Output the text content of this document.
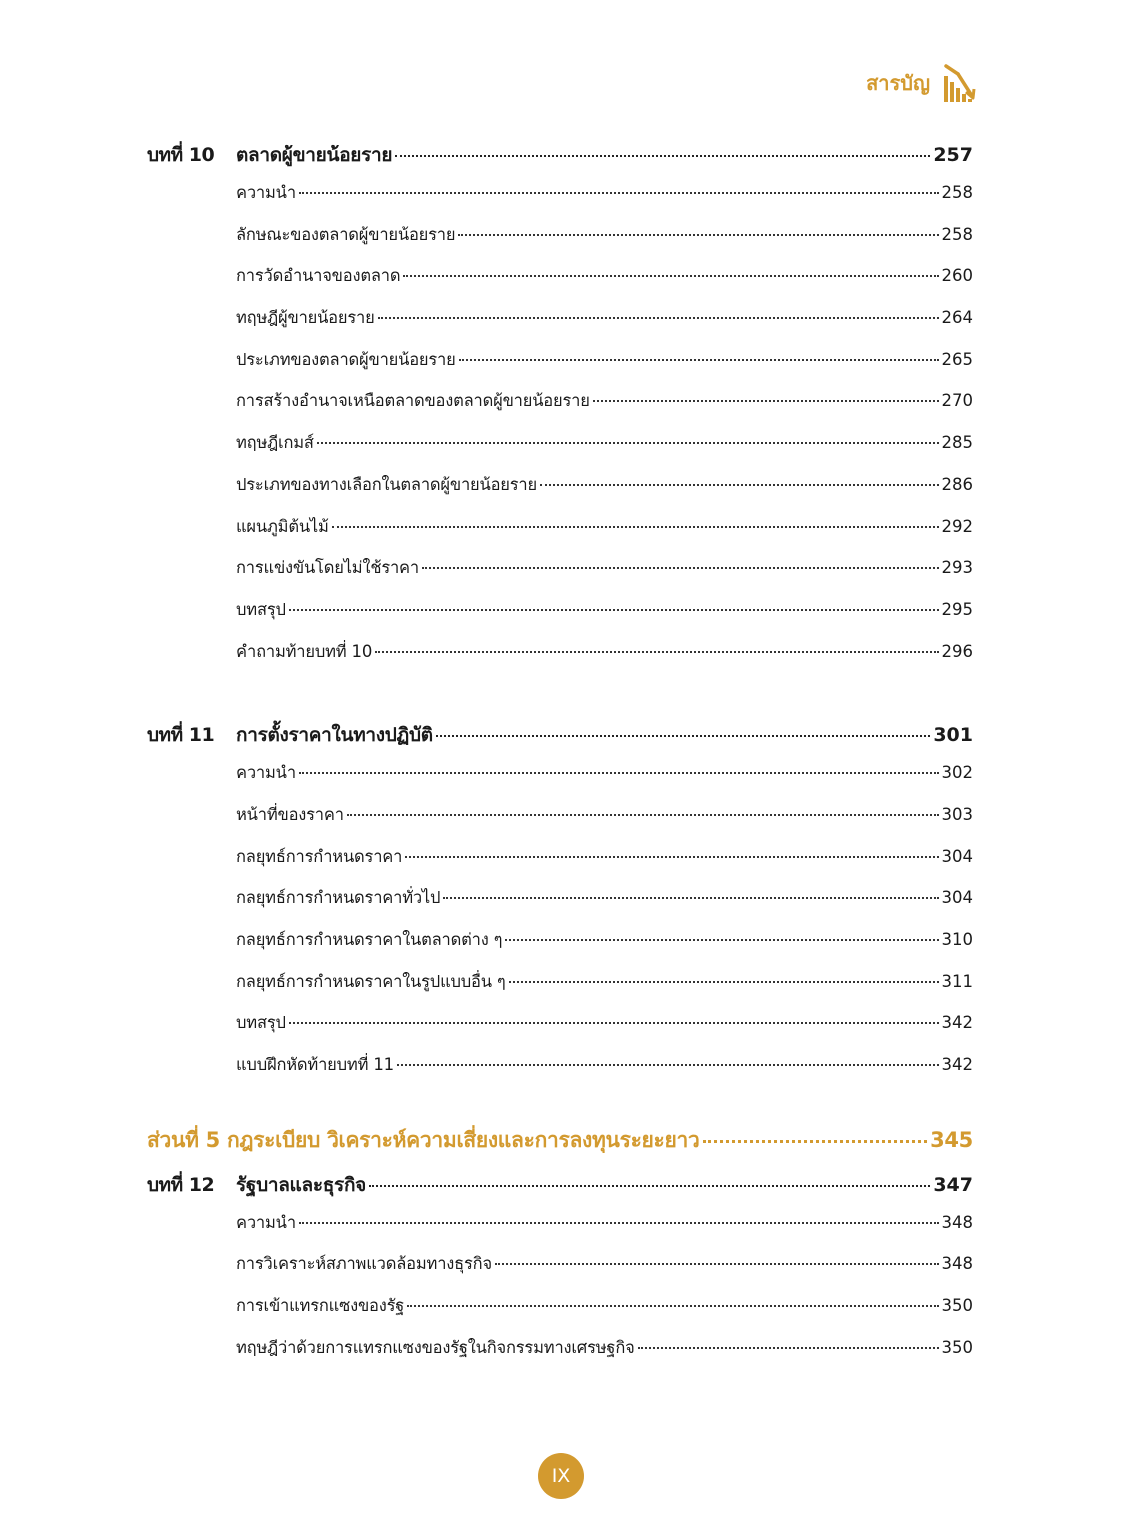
สารบัญ
บทที่ 10	ตลาดผู้ขายน้อยราย	257
ความนำ	258
ลักษณะของตลาดผู้ขายน้อยราย	258
การวัดอำนาจของตลาด	260
ทฤษฎีผู้ขายน้อยราย	264
ประเภทของตลาดผู้ขายน้อยราย	265
การสร้างอำนาจเหนือตลาดของตลาดผู้ขายน้อยราย	270
ทฤษฎีเกมส์	285
ประเภทของทางเลือกในตลาดผู้ขายน้อยราย	286
แผนภูมิต้นไม้	292
การแข่งขันโดยไม่ใช้ราคา	293
บทสรุป	295
คำถามท้ายบทที่ 10	296
บทที่ 11	การตั้งราคาในทางปฏิบัติ	301
ความนำ	302
หน้าที่ของราคา	303
กลยุทธ์การกำหนดราคา	304
กลยุทธ์การกำหนดราคาทั่วไป	304
กลยุทธ์การกำหนดราคาในตลาดต่าง ๆ	310
กลยุทธ์การกำหนดราคาในรูปแบบอื่น ๆ	311
บทสรุป	342
แบบฝึกหัดท้ายบทที่ 11	342
ส่วนที่ 5 กฎระเบียบ วิเคราะห์ความเสี่ยงและการลงทุนระยะยาว	345
บทที่ 12	รัฐบาลและธุรกิจ	347
ความนำ	348
การวิเคราะห์สภาพแวดล้อมทางธุรกิจ	348
การเข้าแทรกแซงของรัฐ	350
ทฤษฎีว่าด้วยการแทรกแซงของรัฐในกิจกรรมทางเศรษฐกิจ	350
IX
